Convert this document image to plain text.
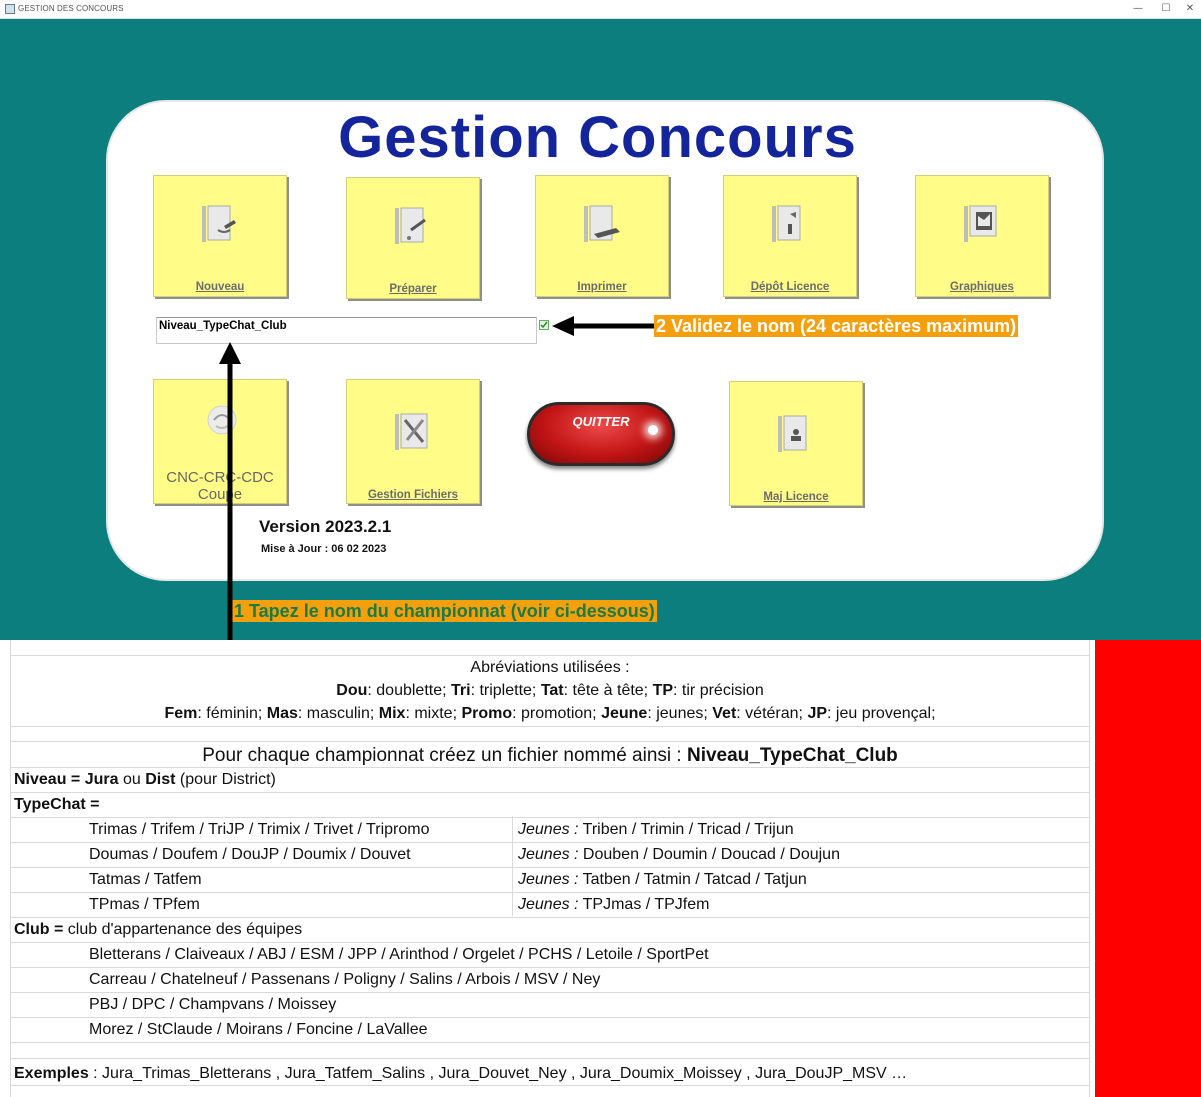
GESTION DES CONCOURS	—	☐	✕
Gestion Concours
Nouveau	Préparer	Imprimer	Dépôt Licence	Graphiques
Niveau_TypeChat_Club
CNC-CRC-CDC
Coupe	Gestion Fichiers
QUITTER
Maj Licence
Version 2023.2.1
Mise à Jour : 06 02 2023
2 Validez le nom (24 caractères maximum)
1 Tapez le nom du championnat (voir ci-dessous)
Abréviations utilisées :
Dou: doublette; Tri: triplette; Tat: tête à tête; TP: tir précision
Fem: féminin; Mas: masculin; Mix: mixte; Promo: promotion; Jeune: jeunes; Vet: vétéran; JP: jeu provençal;
Pour chaque championnat créez un fichier nommé ainsi : Niveau_TypeChat_Club
Niveau = Jura ou Dist (pour District)
TypeChat =
Trimas / Trifem / TriJP / Trimix / Trivet / Tripromo	Jeunes : Triben / Trimin / Tricad / Trijun
Doumas / Doufem / DouJP / Doumix / Douvet	Jeunes : Douben / Doumin / Doucad / Doujun
Tatmas / Tatfem	Jeunes : Tatben / Tatmin / Tatcad / Tatjun
TPmas / TPfem	Jeunes : TPJmas / TPJfem
Club = club d'appartenance des équipes
Bletterans / Claiveaux / ABJ / ESM / JPP / Arinthod / Orgelet / PCHS / Letoile / SportPet
Carreau / Chatelneuf / Passenans / Poligny / Salins / Arbois / MSV / Ney
PBJ / DPC / Champvans / Moissey
Morez / StClaude / Moirans / Foncine / LaVallee
Exemples : Jura_Trimas_Bletterans , Jura_Tatfem_Salins , Jura_Douvet_Ney , Jura_Doumix_Moissey , Jura_DouJP_MSV …
